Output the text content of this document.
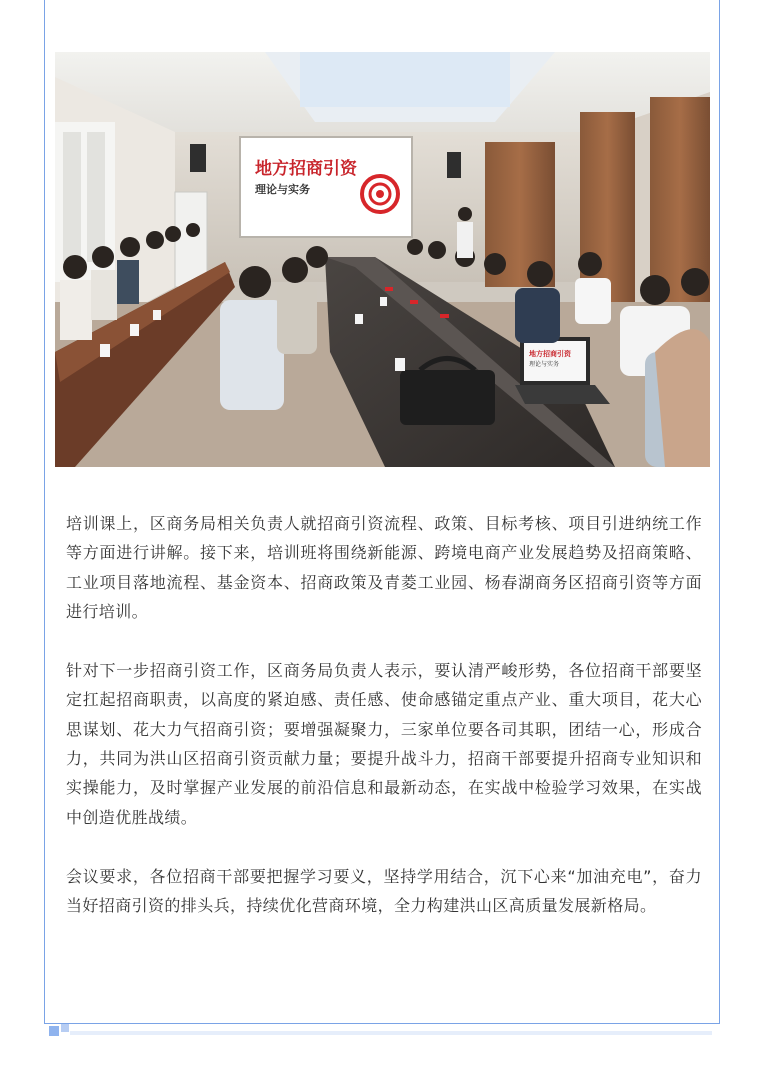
地方招商引资
理论与实务
地方招商引资
理论与实务

培训课上，区商务局相关负责人就招商引资流程、政策、目标考核、项目引进纳统工作等方面进行讲解。接下来，培训班将围绕新能源、跨境电商产业发展趋势及招商策略、工业项目落地流程、基金资本、招商政策及青菱工业园、杨春湖商务区招商引资等方面进行培训。

针对下一步招商引资工作，区商务局负责人表示，要认清严峻形势，各位招商干部要坚定扛起招商职责，以高度的紧迫感、责任感、使命感锚定重点产业、重大项目，花大心思谋划、花大力气招商引资；要增强凝聚力，三家单位要各司其职，团结一心，形成合力，共同为洪山区招商引资贡献力量；要提升战斗力，招商干部要提升招商专业知识和实操能力，及时掌握产业发展的前沿信息和最新动态，在实战中检验学习效果，在实战中创造优胜战绩。

会议要求，各位招商干部要把握学习要义，坚持学用结合，沉下心来“加油充电”，奋力当好招商引资的排头兵，持续优化营商环境，全力构建洪山区高质量发展新格局。
